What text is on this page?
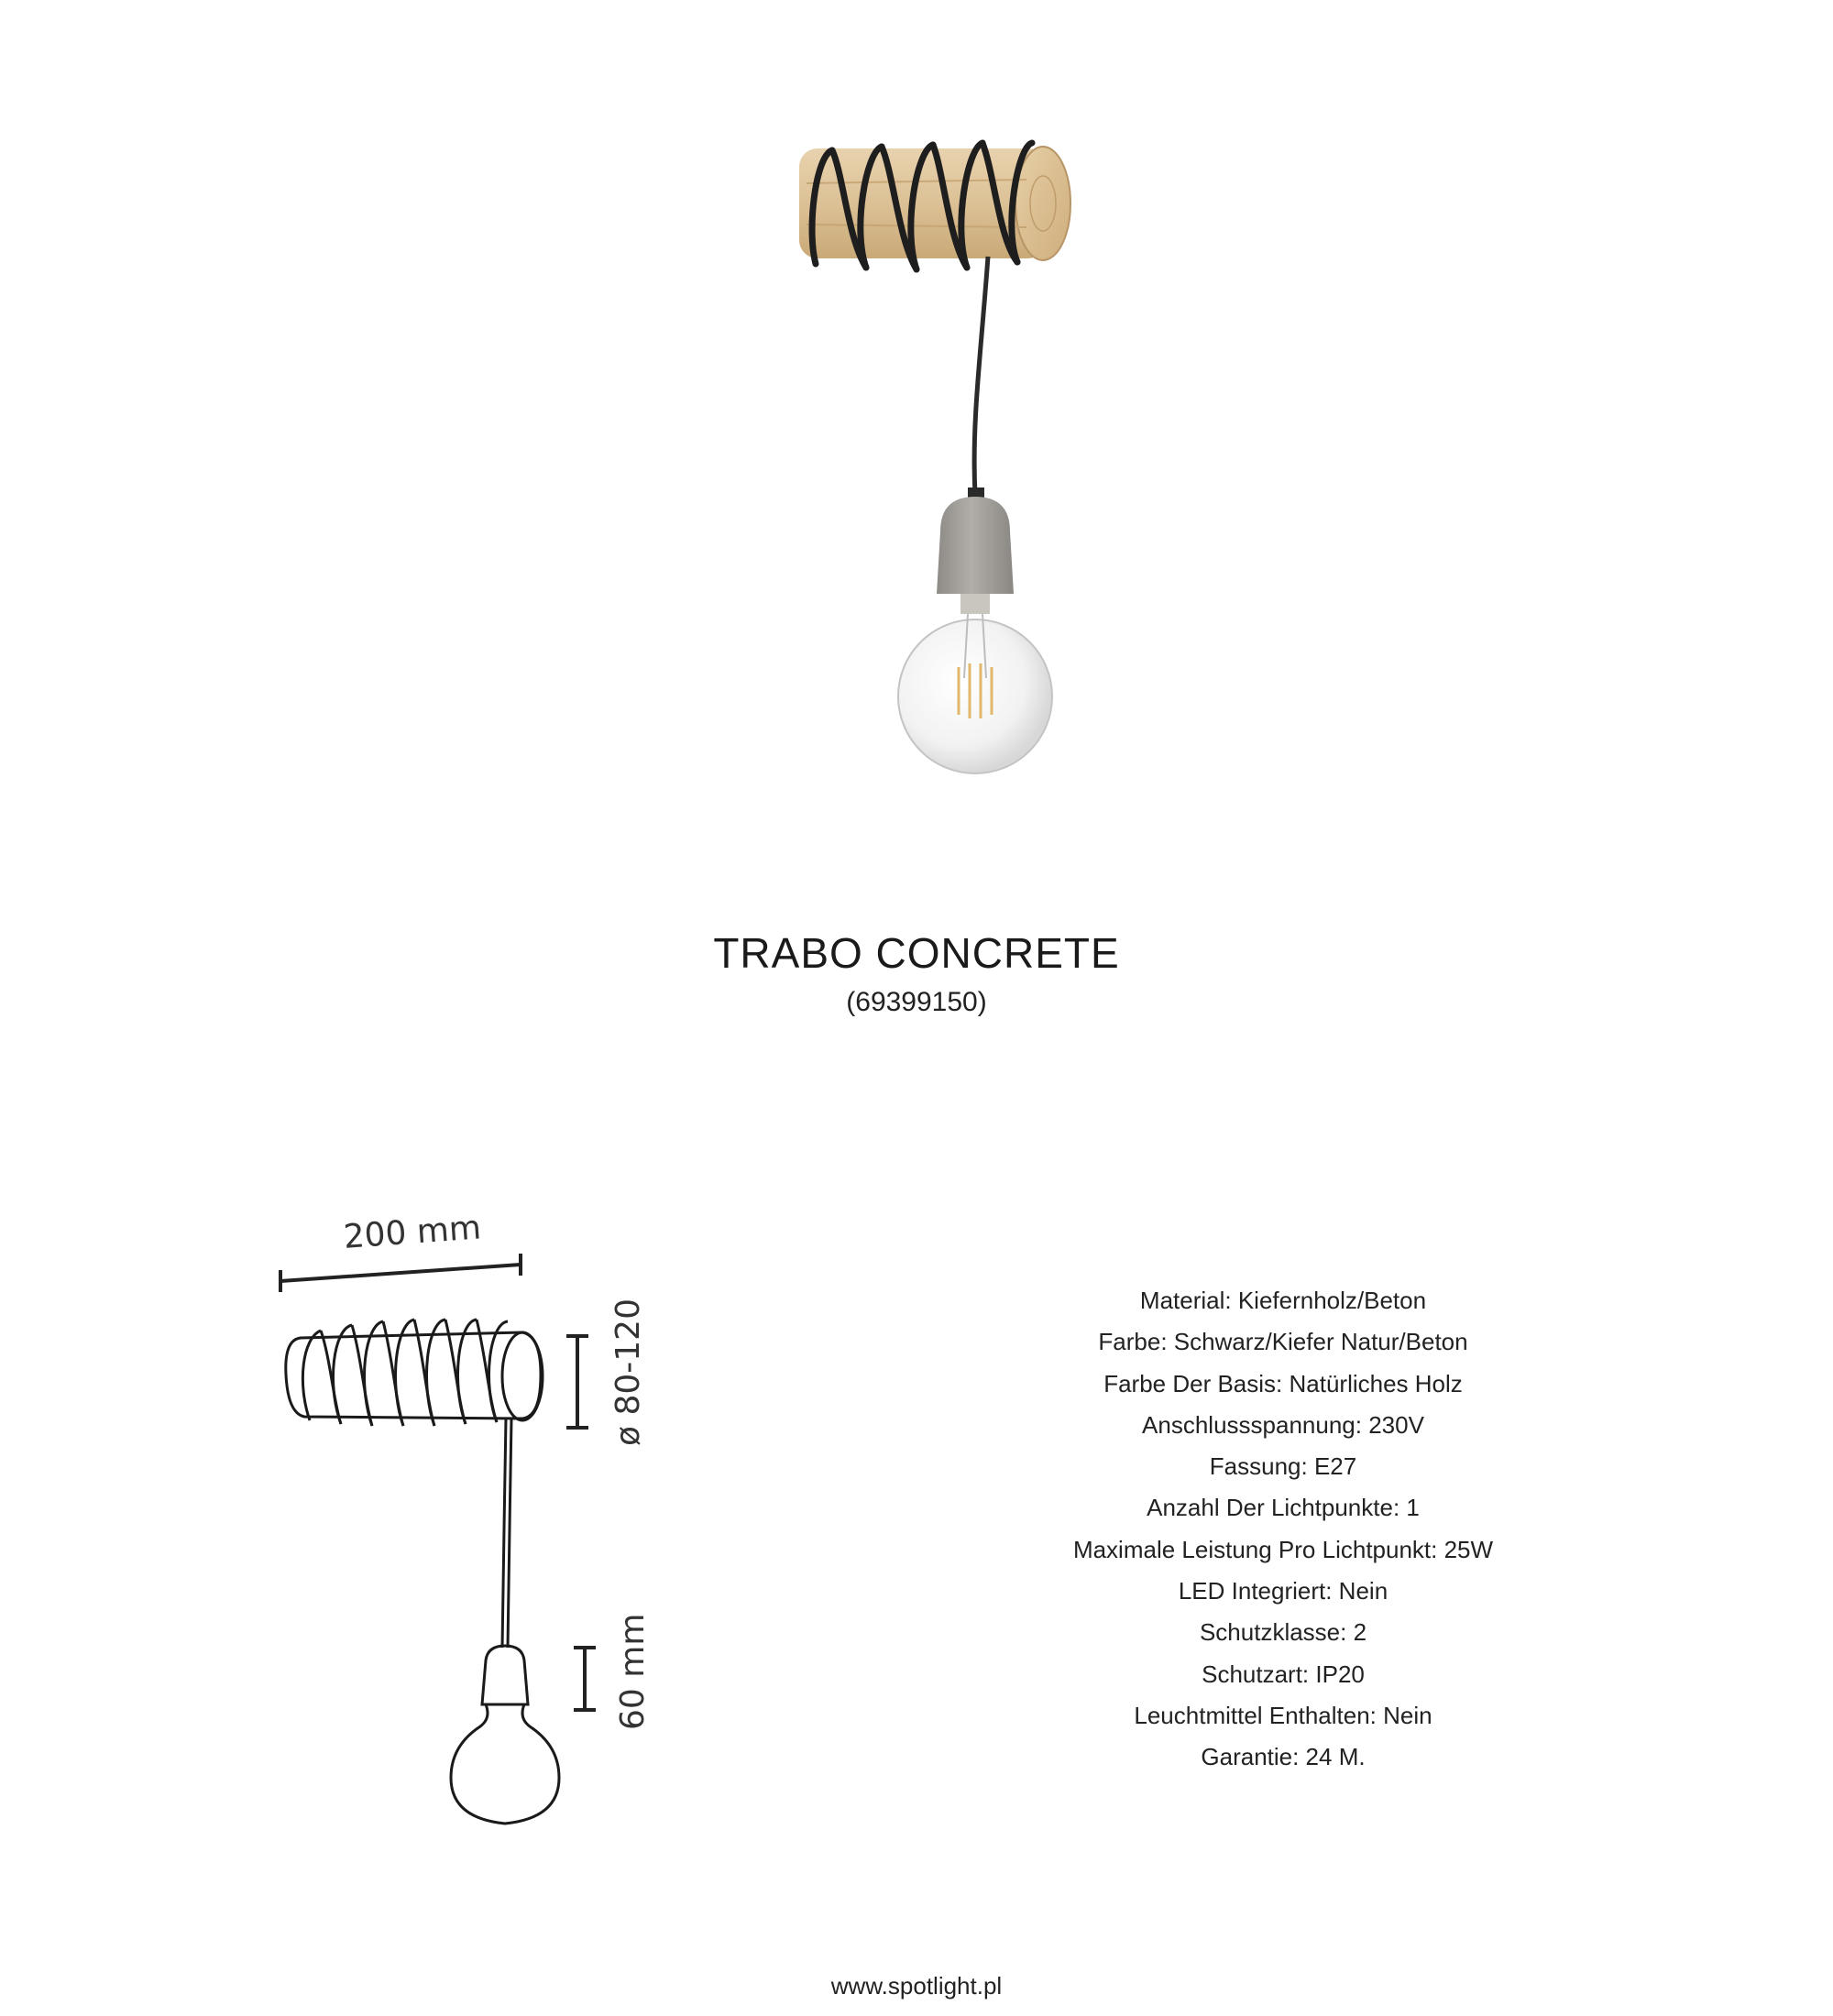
TRABO CONCRETE
(69399150)
200 mm
ø 80-120
60 mm
Material: Kiefernholz/Beton
Farbe: Schwarz/Kiefer Natur/Beton
Farbe Der Basis: Natürliches Holz
Anschlussspannung: 230V
Fassung: E27
Anzahl Der Lichtpunkte: 1
Maximale Leistung Pro Lichtpunkt: 25W
LED Integriert: Nein
Schutzklasse: 2
Schutzart: IP20
Leuchtmittel Enthalten: Nein
Garantie: 24 M.
www.spotlight.pl
